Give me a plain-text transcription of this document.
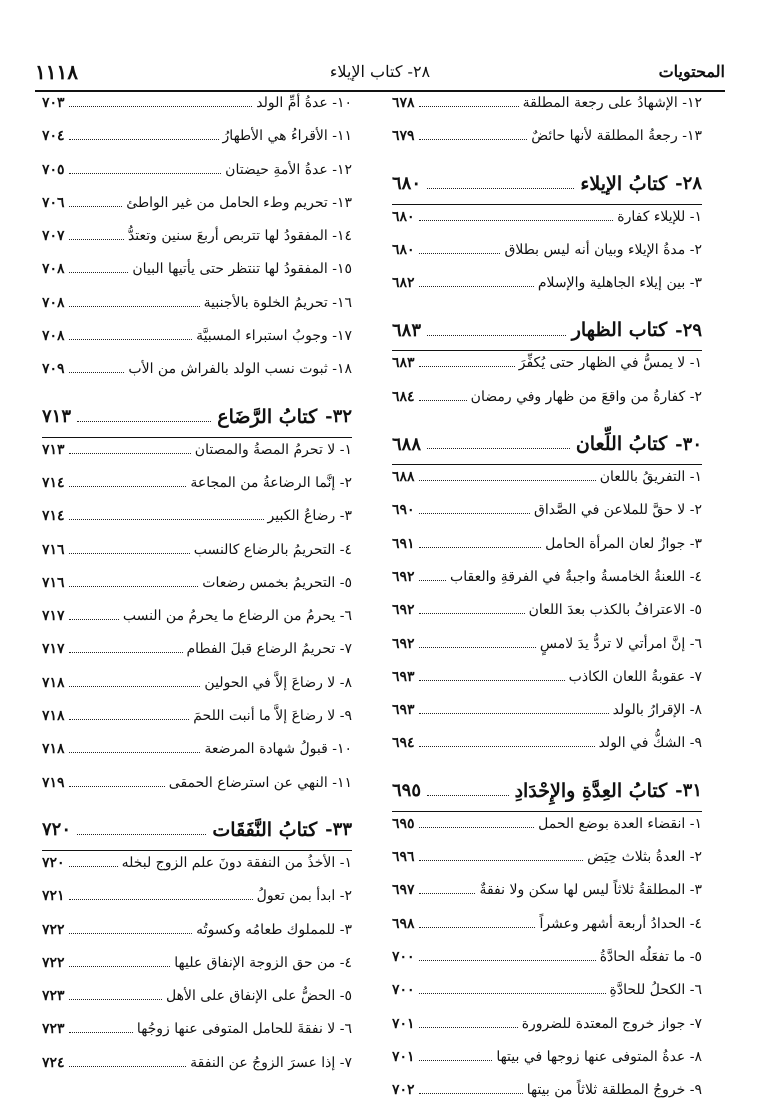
١١١٨	٢٨- كتاب الإيلاء	المحتويات
١٢- الإشهادُ على رجعة المطلقة
٦٧٨
١٣- رجعةُ المطلقة لأنها حائضٌ
٦٧٩
٢٨-
كتابُ الإيلاء
٦٨٠
١- للإيلاء كفارة
٦٨٠
٢- مدةُ الإيلاء وبيان أنه ليس بطلاق
٦٨٠
٣- بين إيلاء الجاهلية والإسلام
٦٨٢
٢٩-
كتاب الظهار
٦٨٣
١- لا يمسُّ في الظهار حتى يُكفِّرَ
٦٨٣
٢- كفارةُ من واقعَ من ظهار وفي رمضان
٦٨٤
٣٠-
كتابُ اللِّعان
٦٨٨
١- التفريقُ باللعان
٦٨٨
٢- لا حقَّ للملاعن في الصَّداق
٦٩٠
٣- جوازُ لعان المرأة الحامل
٦٩١
٤- اللعنةُ الخامسةُ واجبةٌ في الفرقةِ والعقاب
٦٩٢
٥- الاعترافُ بالكذب بعدَ اللعان
٦٩٢
٦- إنَّ امرأتي لا تردُّ يدَ لامسٍ
٦٩٢
٧- عقوبةُ اللعان الكاذب
٦٩٣
٨- الإقرارُ بالولد
٦٩٣
٩- الشكُّ في الولد
٦٩٤
٣١-
كتابُ العِدَّةِ والإِحْدَادِ
٦٩٥
١- انقضاء العدة بوضع الحمل
٦٩٥
٢- العدةُ بثلاث حِيَض
٦٩٦
٣- المطلقةُ ثلاثاً ليس لها سكن ولا نفقةٌ
٦٩٧
٤- الحدادُ أربعة أشهر وعشراً
٦٩٨
٥- ما تفعَلُه الحادَّةُ
٧٠٠
٦- الكحلُ للحادَّةِ
٧٠٠
٧- جواز خروج المعتدة للضرورة
٧٠١
٨- عدةُ المتوفى عنها زوجها في بيتها
٧٠١
٩- خروجُ المطلقة ثلاثاً من بيتها
٧٠٢
١٠- عدةُ أمِّ الولد
٧٠٣
١١- الأقراءُ هي الأطهارُ
٧٠٤
١٢- عدةُ الأمةِ حيضتان
٧٠٥
١٣- تحريم وطء الحامل من غير الواطئ
٧٠٦
١٤- المفقودُ لها تتربص أربعَ سنين وتعتدُّ
٧٠٧
١٥- المفقودُ لها تنتظر حتى يأتيها البيان
٧٠٨
١٦- تحريمُ الخلوة بالأجنبية
٧٠٨
١٧- وجوبُ استبراء المسبيَّة
٧٠٨
١٨- ثبوت نسب الولد بالفراش من الأب
٧٠٩
٣٢-
كتابُ الرَّضَاع
٧١٣
١- لا تحرمُ المصةُ والمصتان
٧١٣
٢- إنَّما الرضاعةُ من المجاعة
٧١٤
٣- رضاعُ الكبير
٧١٤
٤- التحريمُ بالرضاع كالنسب
٧١٦
٥- التحريمُ بخمس رضعات
٧١٦
٦- يحرمُ من الرضاع ما يحرمُ من النسب
٧١٧
٧- تحريمُ الرضاع قبلَ الفطام
٧١٧
٨- لا رضاعَ إلاَّ في الحولين
٧١٨
٩- لا رضاعَ إلاَّ ما أنبت اللحمَ
٧١٨
١٠- قبولُ شهادة المرضعة
٧١٨
١١- النهي عن استرضاع الحمقى
٧١٩
٣٣-
كتابُ النَّفَقَات
٧٢٠
١- الأخذُ من النفقة دونَ علم الزوج لبخله
٧٢٠
٢- ابدأ بمن تعولُ
٧٢١
٣- للمملوك طعامُه وكسوتُه
٧٢٢
٤- من حق الزوجة الإنفاق عليها
٧٢٢
٥- الحضُّ على الإنفاق على الأهل
٧٢٣
٦- لا نفقةَ للحامل المتوفى عنها زوجُها
٧٢٣
٧- إذا عسرَ الزوجُ عن النفقة
٧٢٤
